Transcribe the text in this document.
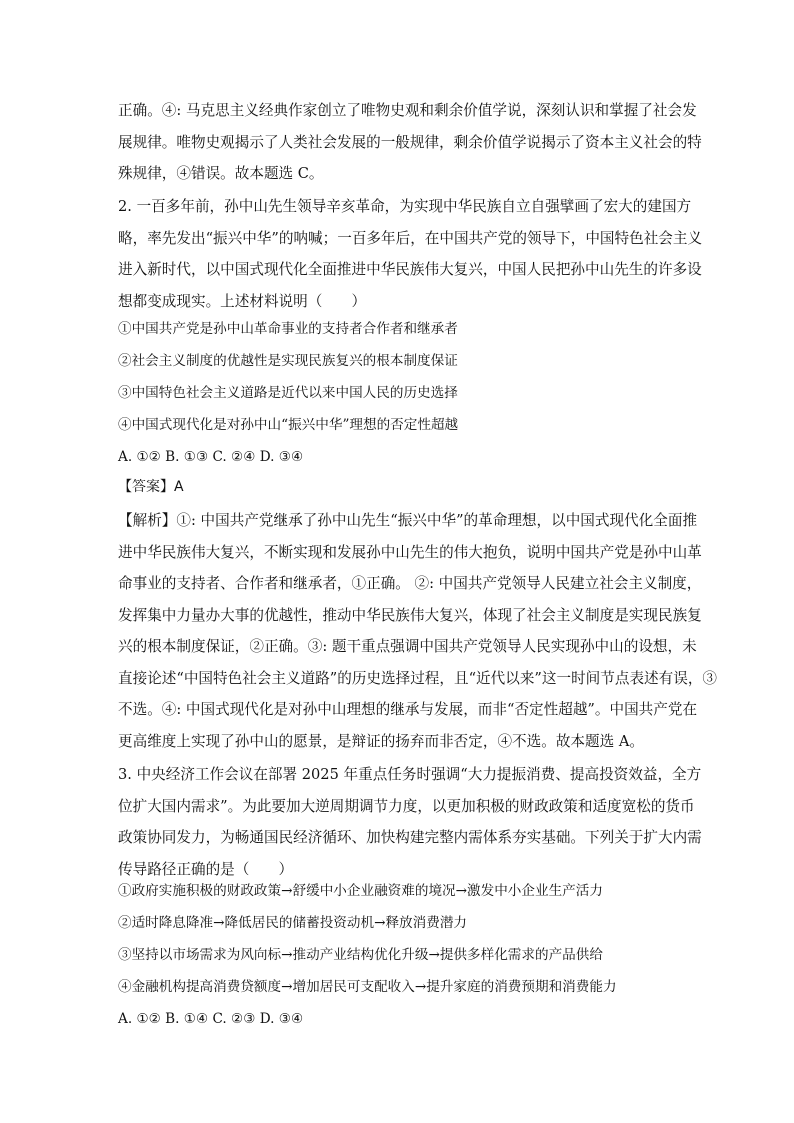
正确。④: 马克思主义经典作家创立了唯物史观和剩余价值学说，深刻认识和掌握了社会发
展规律。唯物史观揭示了人类社会发展的一般规律，剩余价值学说揭示了资本主义社会的特
殊规律，④错误。故本题选 C。
2. 一百多年前，孙中山先生领导辛亥革命，为实现中华民族自立自强擘画了宏大的建国方
略，率先发出“振兴中华”的呐喊；一百多年后，在中国共产党的领导下，中国特色社会主义
进入新时代，以中国式现代化全面推进中华民族伟大复兴，中国人民把孙中山先生的许多设
想都变成现实。上述材料说明（　　）
①中国共产党是孙中山革命事业的支持者合作者和继承者
②社会主义制度的优越性是实现民族复兴的根本制度保证
③中国特色社会主义道路是近代以来中国人民的历史选择
④中国式现代化是对孙中山“振兴中华”理想的否定性超越
A. ①② B. ①③ C. ②④ D. ③④
【答案】A
【解析】①: 中国共产党继承了孙中山先生“振兴中华”的革命理想，以中国式现代化全面推
进中华民族伟大复兴，不断实现和发展孙中山先生的伟大抱负，说明中国共产党是孙中山革
命事业的支持者、合作者和继承者，①正确。 ②: 中国共产党领导人民建立社会主义制度，
发挥集中力量办大事的优越性，推动中华民族伟大复兴，体现了社会主义制度是实现民族复
兴的根本制度保证，②正确。③: 题干重点强调中国共产党领导人民实现孙中山的设想，未
直接论述“中国特色社会主义道路”的历史选择过程，且“近代以来”这一时间节点表述有误，③
不选。④: 中国式现代化是对孙中山理想的继承与发展，而非“否定性超越”。中国共产党在
更高维度上实现了孙中山的愿景，是辩证的扬弃而非否定，④不选。故本题选 A。
3. 中央经济工作会议在部署 2025 年重点任务时强调“大力提振消费、提高投资效益，全方
位扩大国内需求”。为此要加大逆周期调节力度，以更加积极的财政政策和适度宽松的货币
政策协同发力，为畅通国民经济循环、加快构建完整内需体系夯实基础。下列关于扩大内需
传导路径正确的是（　　）
①政府实施积极的财政政策→舒缓中小企业融资难的境况→激发中小企业生产活力
②适时降息降准→降低居民的储蓄投资动机→释放消费潜力
③坚持以市场需求为风向标→推动产业结构优化升级→提供多样化需求的产品供给
④金融机构提高消费贷额度→增加居民可支配收入→提升家庭的消费预期和消费能力
A. ①② B. ①④ C. ②③ D. ③④
